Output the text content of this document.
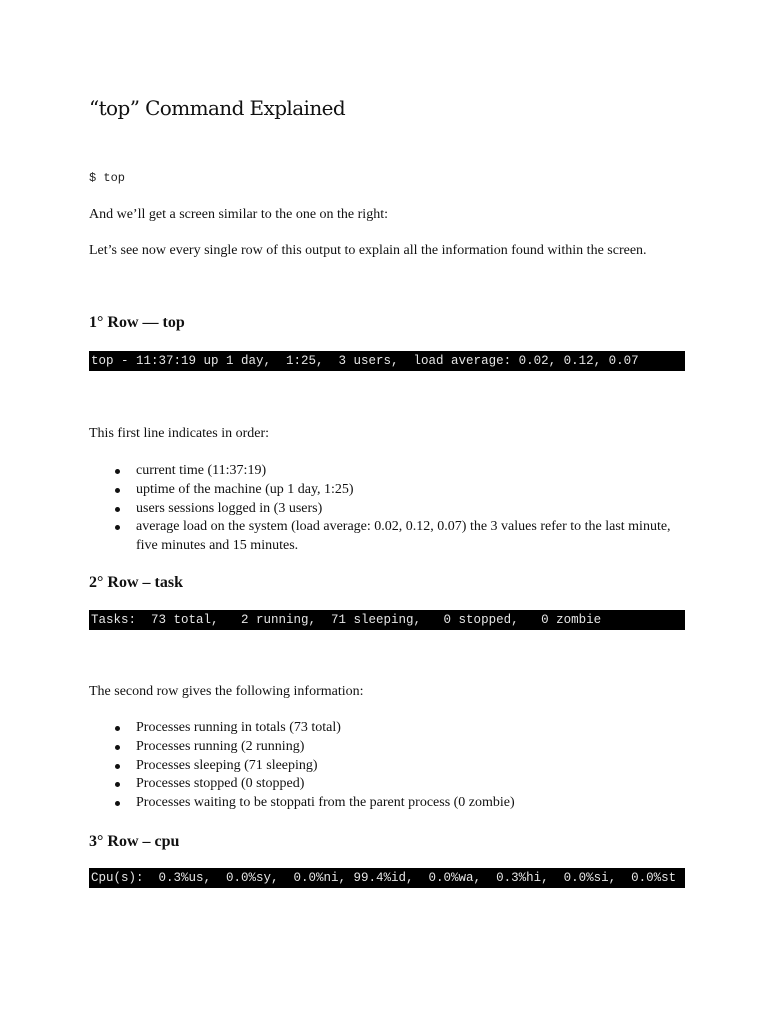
“top” Command Explained
$ top

And we’ll get a screen similar to the one on the right:

Let’s see now every single row of this output to explain all the information found within the screen.

1° Row — top
top - 11:37:19 up 1 day,  1:25,  3 users,  load average: 0.02, 0.12, 0.07

This first line indicates in order:

current time (11:37:19)
uptime of the machine (up 1 day, 1:25)
users sessions logged in (3 users)
average load on the system (load average: 0.02, 0.12, 0.07) the 3 values refer to the last minute, five minutes and 15 minutes.
2° Row – task
Tasks:  73 total,   2 running,  71 sleeping,   0 stopped,   0 zombie

The second row gives the following information:

Processes running in totals (73 total)
Processes running (2 running)
Processes sleeping (71 sleeping)
Processes stopped (0 stopped)
Processes waiting to be stoppati from the parent process (0 zombie)
3° Row – cpu
Cpu(s):  0.3%us,  0.0%sy,  0.0%ni, 99.4%id,  0.0%wa,  0.3%hi,  0.0%si,  0.0%st
